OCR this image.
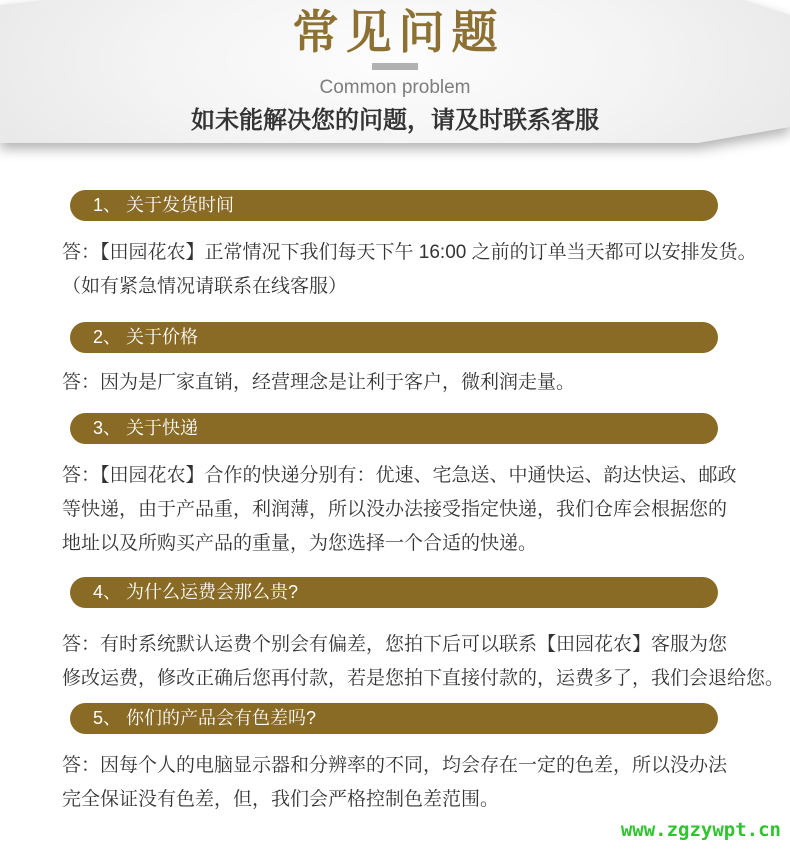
常见问题
Common problem
如未能解决您的问题，请及时联系客服
1、 关于发货时间
答：【田园花农】正常情况下我们每天下午 16:00 之前的订单当天都可以安排发货。
（如有紧急情况请联系在线客服）
2、 关于价格
答：因为是厂家直销，经营理念是让利于客户，微利润走量。
3、 关于快递
答：【田园花农】合作的快递分别有：优速、宅急送、中通快运、韵达快运、邮政
等快递，由于产品重，利润薄，所以没办法接受指定快递，我们仓库会根据您的
地址以及所购买产品的重量，为您选择一个合适的快递。
4、 为什么运费会那么贵?
答：有时系统默认运费个别会有偏差，您拍下后可以联系【田园花农】客服为您
修改运费，修改正确后您再付款，若是您拍下直接付款的，运费多了，我们会退给您。
5、 你们的产品会有色差吗?
答：因每个人的电脑显示器和分辨率的不同，均会存在一定的色差，所以没办法
完全保证没有色差，但，我们会严格控制色差范围。
www.zgzywpt.cn
